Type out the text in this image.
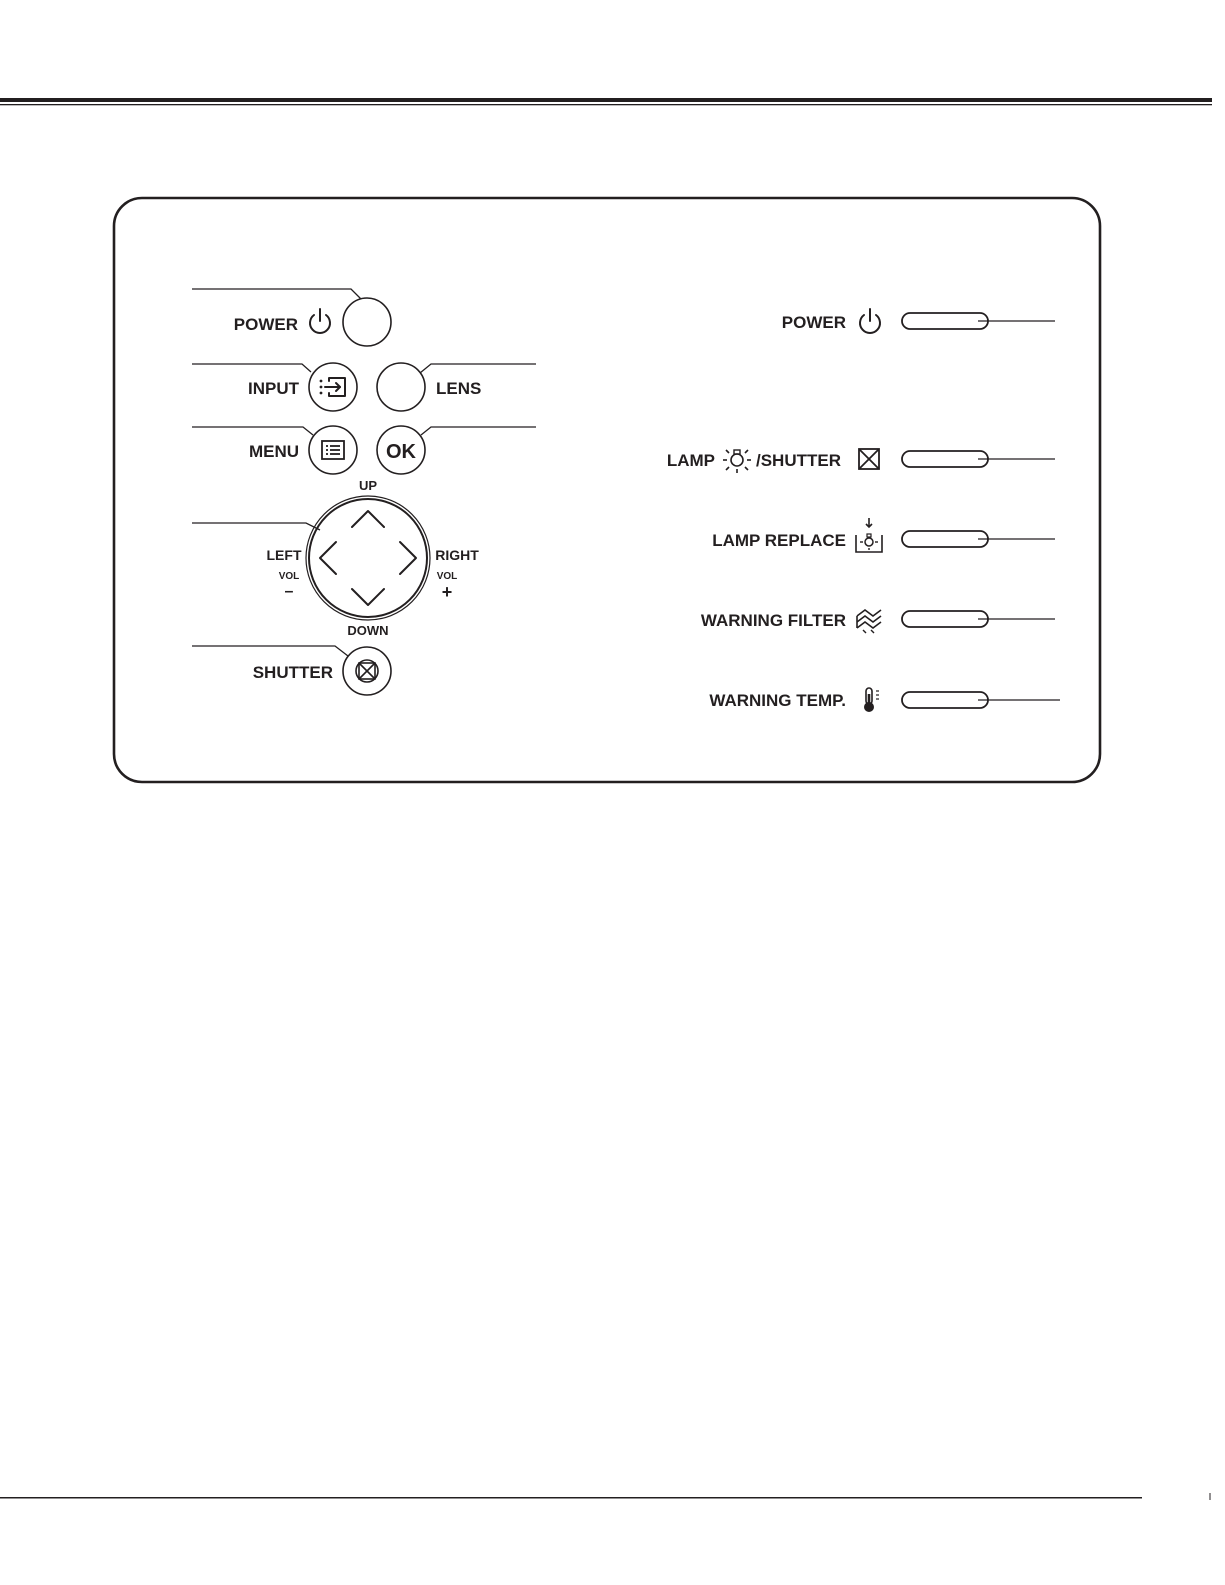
POWER
INPUT	LENS
MENU	OK
UP
DOWN
LEFT
VOL
–
RIGHT
VOL
+
SHUTTER
POWER
LAMP /SHUTTER
LAMP REPLACE
WARNING FILTER
WARNING TEMP.
